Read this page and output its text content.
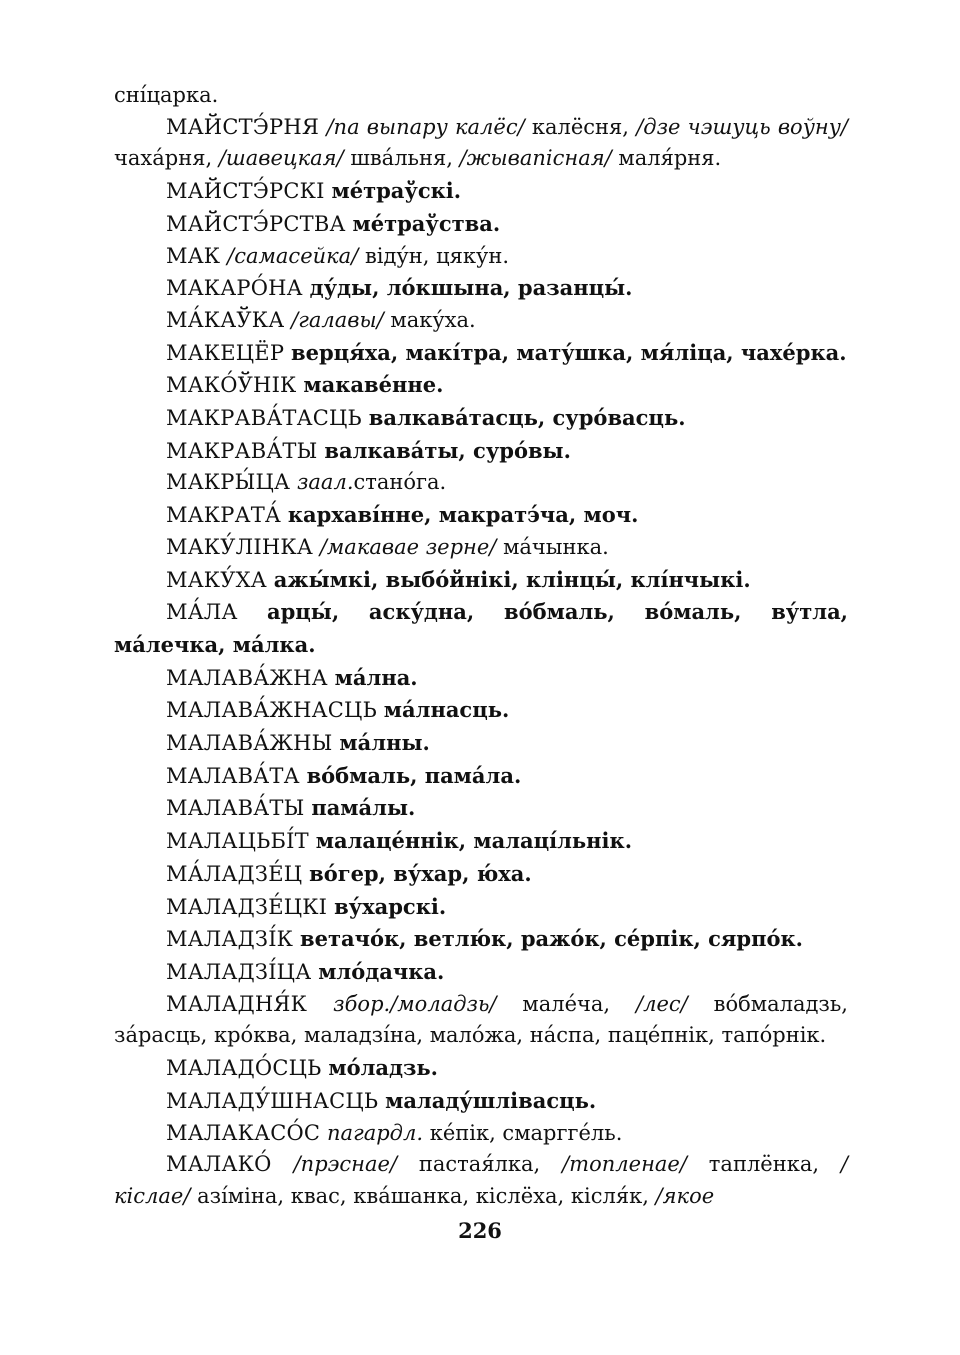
сні́царка.

МАЙСТЭ́РНЯ /па выпару калёс/ калёсня, /дзе чэшуць воўну/ чаха́рня, /шавецкая/ шва́льня, /жывапісная/ маля́рня.

МАЙСТЭ́РСКІ ме́траўскі.

МАЙСТЭ́РСТВА ме́траўства.

МАК /самасейка/ віду́н, цяку́н.

МАКАРО́НА ду́ды, ло́кшына, разанцы́.

МА́КАЎКА /галавы/ маку́ха.

МАКЕЦЁР верця́ха, макі́тра, мату́шка, мя́ліца, чахе́рка.

МАКО́ЎНІК макаве́нне.

МАКРАВА́ТАСЦЬ валкава́тасць, суро́васць.

МАКРАВА́ТЫ валкава́ты, суро́вы.

МАКРЫ́ЦА заал.стано́га.

МАКРАТА́ кархаві́нне, макратэ́ча, моч.

МАКУ́ЛІНКА /макавае зерне/ ма́чынка.

МАКУ́ХА ажы́мкі, выбо́йнікі, клінцы́, клі́нчыкі.

МА́ЛА арцы́, аску́дна, во́бмаль, во́маль, ву́тла, ма́лечка, ма́лка.

МАЛАВА́ЖНА ма́лна.

МАЛАВА́ЖНАСЦЬ ма́лнасць.

МАЛАВА́ЖНЫ ма́лны.

МАЛАВА́ТА во́бмаль, пама́ла.

МАЛАВА́ТЫ пама́лы.

МАЛАЦЬБІ́Т малаце́ннік, малаці́льнік.

МА́ЛАДЗЕ́Ц во́гер, ву́хар, ю́ха.

МАЛАДЗЕ́ЦКІ ву́харскі.

МАЛАДЗІ́К ветачо́к, ветлю́к, ражо́к, се́рпік, сярпо́к.

МАЛАДЗІ́ЦА мло́дачка.

МАЛАДНЯ́К збор./моладзь/ мале́ча, /лес/ во́бмаладзь, за́расць, кро́ква, маладзі́на, мало́жа, на́спа, паце́пнік, тапо́рнік.

МАЛАДО́СЦЬ мо́ладзь.

МАЛАДУ́ШНАСЦЬ маладу́шлівасць.

МАЛАКАСО́С пагардл. ке́пік, смаргге́ль.

МАЛАКО́ /прэснае/ пастая́лка, /топленае/ таплёнка, /кіслае/ азі́міна, квас, ква́шанка, кіслёха, кісля́к, /якое

226
